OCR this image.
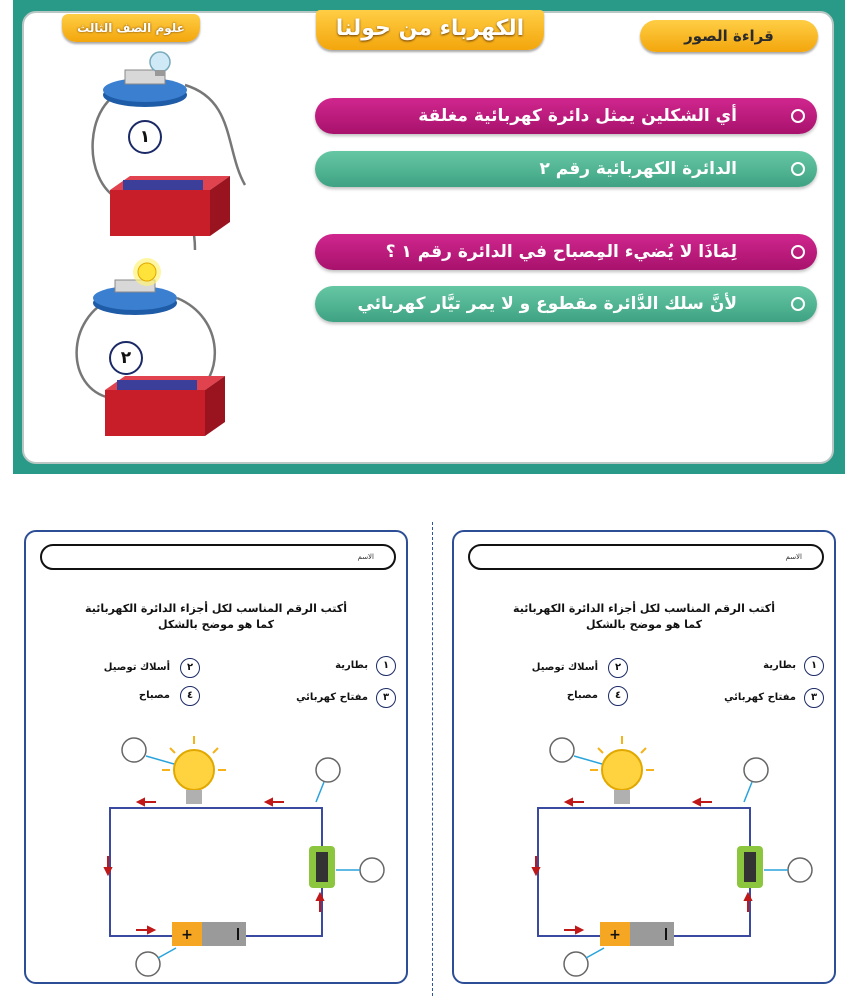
علوم الصف الثالث	الكهرباء من حولنا	قراءة الصور
أي الشكلين يمثل دائرة كهربائية مغلقة
الدائرة الكهربائية رقم ٢
لِمَاذَا لا يُضيء المِصباح في الدائرة رقم ١ ؟
لأنَّ سلك الدَّائرة مقطوع و لا يمر تيَّار كهربائي
١
٢
الاسم
أكتب الرقم المناسب لكل أجزاء الدائرة الكهربائية
كما هو موضح بالشكل
١
بطارية
٢
أسلاك توصيل
٣
مفتاح كهربائي
٤
مصباح
+
الاسم
أكتب الرقم المناسب لكل أجزاء الدائرة الكهربائية
كما هو موضح بالشكل
١
بطارية
٢
أسلاك توصيل
٣
مفتاح كهربائي
٤
مصباح
+
